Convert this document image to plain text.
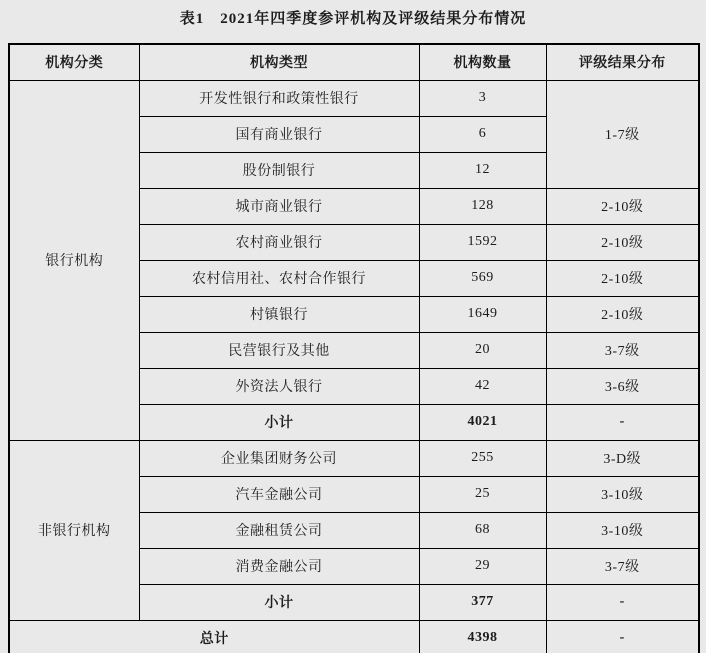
表1　2021年四季度参评机构及评级结果分布情况
机构分类	机构类型	机构数量	评级结果分布
银行机构	开发性银行和政策性银行	3	1-7级
	国有商业银行	6	
	股份制银行	12	
	城市商业银行	128	2-10级
	农村商业银行	1592	2-10级
	农村信用社、农村合作银行	569	2-10级
	村镇银行	1649	2-10级
	民营银行及其他	20	3-7级
	外资法人银行	42	3-6级
	小计	4021	-
非银行机构	企业集团财务公司	255	3-D级
	汽车金融公司	25	3-10级
	金融租赁公司	68	3-10级
	消费金融公司	29	3-7级
	小计	377	-
总计		4398	-
